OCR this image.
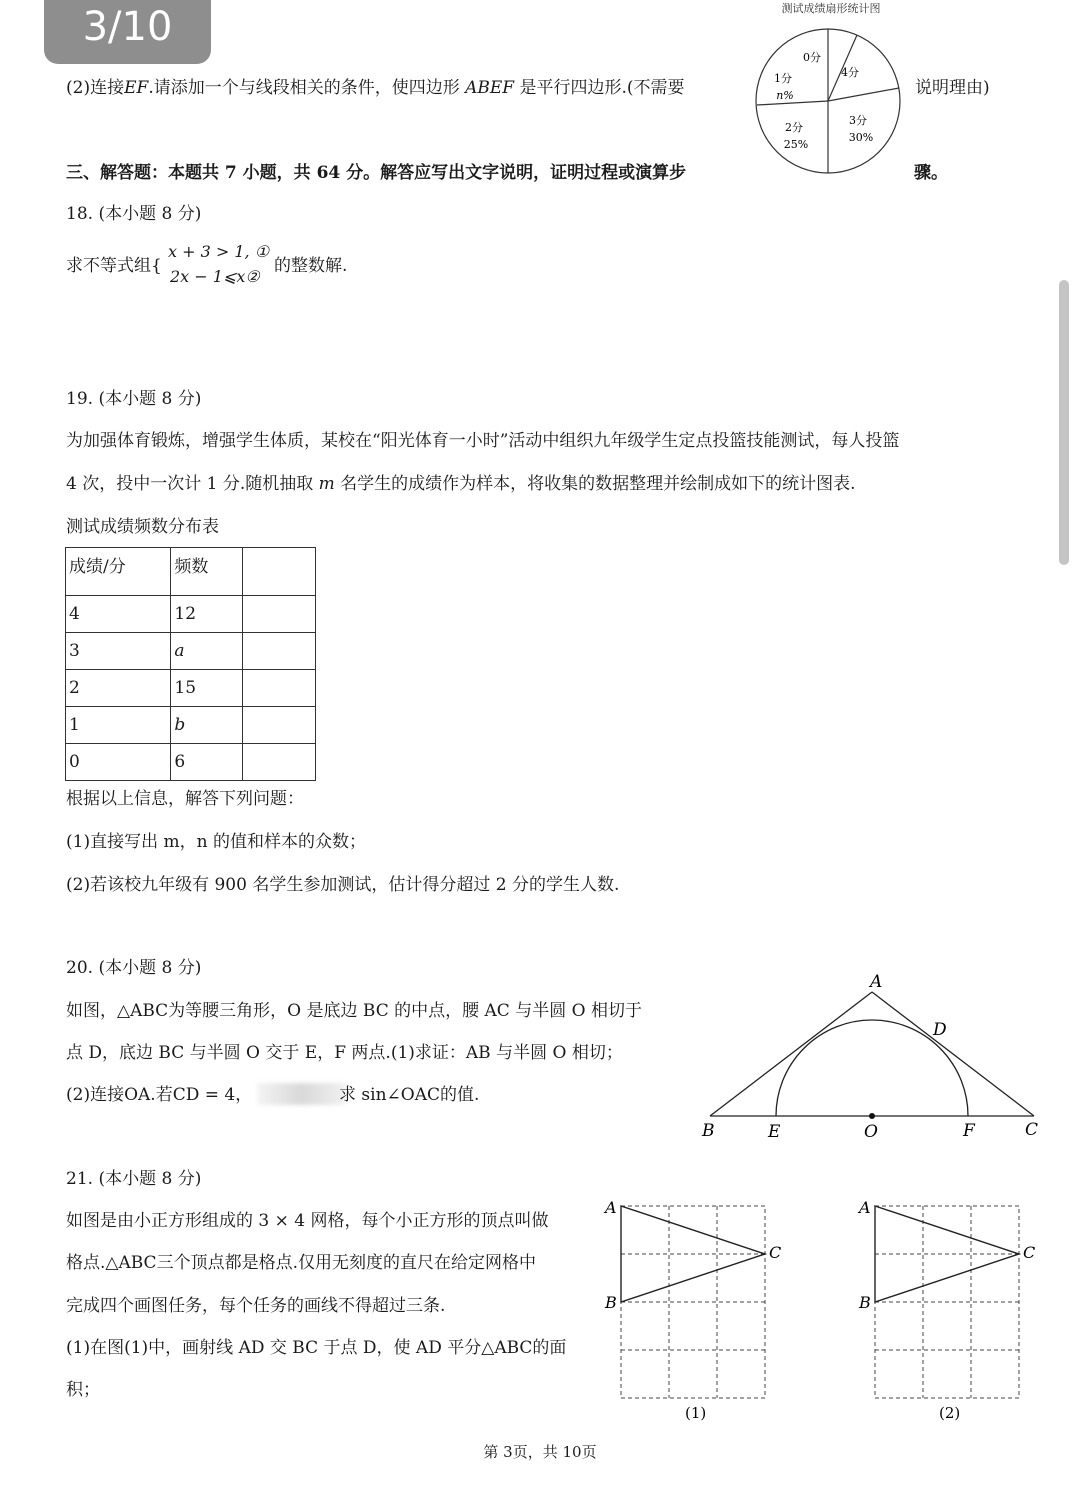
3/10
(2)连接EF.请添加一个与线段相关的条件，使四边形 ABEF 是平行四边形.(不需要	说明理由)
测试成绩扇形统计图
0分
4分
1分
n%
2分
25%
3分
30%
三、解答题：本题共 7 小题，共 64 分。解答应写出文字说明，证明过程或演算步	骤。
18. (本小题 8 分)
求不等式组{
x + 3 > 1, ①
2x − 1⩽x②
的整数解.
19. (本小题 8 分)
为加强体育锻炼，增强学生体质，某校在“阳光体育一小时”活动中组织九年级学生定点投篮技能测试，每人投篮
4 次，投中一次计 1 分.随机抽取 m 名学生的成绩作为样本，将收集的数据整理并绘制成如下的统计图表.
测试成绩频数分布表
成绩/分	频数	
4	12	
3	a	
2	15	
1	b	
0	6	
根据以上信息，解答下列问题：
(1)直接写出 m，n 的值和样本的众数；
(2)若该校九年级有 900 名学生参加测试，估计得分超过 2 分的学生人数.
20. (本小题 8 分)
如图，△ABC为等腰三角形，O 是底边 BC 的中点，腰 AC 与半圆 O 相切于
点 D，底边 BC 与半圆 O 交于 E，F 两点.(1)求证：AB 与半圆 O 相切；
(2)连接OA.若CD = 4，	求 sin∠OAC的值.
A
D
B	E	O	F	C
21. (本小题 8 分)
如图是由小正方形组成的 3 × 4 网格，每个小正方形的顶点叫做
格点.△ABC三个顶点都是格点.仅用无刻度的直尺在给定网格中
完成四个画图任务，每个任务的画线不得超过三条.
(1)在图(1)中，画射线 AD 交 BC 于点 D，使 AD 平分△ABC的面
积；
A
C
B
(1)
A
C
B
(2)
第 3页，共 10页
